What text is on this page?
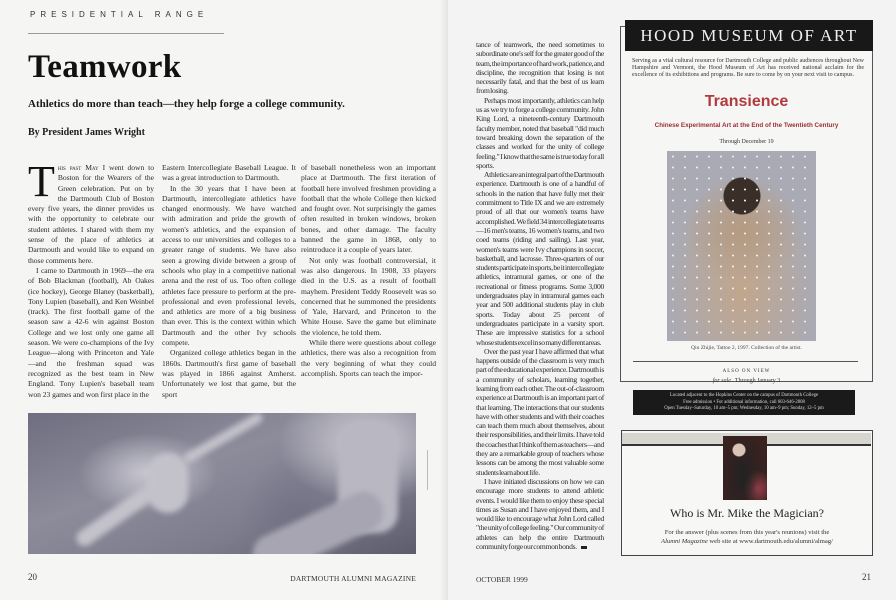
PRESIDENTIAL RANGE
Teamwork
Athletics do more than teach—they help forge a college community.
By President James Wright

This past May I went down to Boston for the Wearers of the Green celebration. Put on by the Dartmouth Club of Boston every five years, the dinner provides us with the opportunity to celebrate our student athletes. I shared with them my sense of the place of athletics at Dartmouth and would like to expand on those comments here.

I came to Dartmouth in 1969—the era of Bob Blackman (football), Ab Oakes (ice hockey), George Blaney (basketball), Tony Lupien (baseball), and Ken Weinbel (track). The first football game of the season saw a 42-6 win against Boston College and we lost only one game all season. We were co-champions of the Ivy League—along with Princeton and Yale—and the freshman squad was recognized as the best team in New England. Tony Lupien's baseball team won 23 games and won first place in the

Eastern Intercollegiate Baseball League. It was a great introduction to Dartmouth.

In the 30 years that I have been at Dartmouth, intercollegiate athletics have changed enormously. We have watched with admiration and pride the growth of women's athletics, and the expansion of access to our universities and colleges to a greater range of students. We have also seen a growing divide between a group of schools who play in a competitive national arena and the rest of us. Too often college athletes face pressure to perform at the pre-professional and even professional levels, and athletics are more of a big business than ever. This is the context within which Dartmouth and the other Ivy schools compete.

Organized college athletics began in the 1860s. Dartmouth's first game of baseball was played in 1866 against Amherst. Unfortunately we lost that game, but the sport

of baseball nonetheless won an important place at Dartmouth. The first iteration of football here involved freshmen providing a football that the whole College then kicked and fought over. Not surprisingly the games often resulted in broken windows, broken bones, and other damage. The faculty banned the game in 1868, only to reintroduce it a couple of years later.

Not only was football controversial, it was also dangerous. In 1908, 33 players died in the U.S. as a result of football mayhem. President Teddy Roosevelt was so concerned that he summoned the presidents of Yale, Harvard, and Princeton to the White House. Save the game but eliminate the violence, he told them.

While there were questions about college athletics, there was also a recognition from the very beginning of what they could accomplish. Sports can teach the impor-

20	DARTMOUTH ALUMNI MAGAZINE

tance of teamwork, the need sometimes to subordinate one's self for the greater good of the team, the importance of hard work, patience, and discipline, the recognition that losing is not necessarily fatal, and that the best of us learn from losing.

Perhaps most importantly, athletics can help us as we try to forge a college community. John King Lord, a nineteenth-century Dartmouth faculty member, noted that baseball "did much toward breaking down the separation of the classes and worked for the unity of college feeling." I know that the same is true today for all sports.

Athletics are an integral part of the Dartmouth experience. Dartmouth is one of a handful of schools in the nation that have fully met their commitment to Title IX and we are extremely proud of all that our women's teams have accomplished. We field 34 intercollegiate teams—16 men's teams, 16 women's teams, and two coed teams (riding and sailing). Last year, women's teams were Ivy champions in soccer, basketball, and lacrosse. Three-quarters of our students participate in sports, be it intercollegiate athletics, intramural games, or one of the recreational or fitness programs. Some 3,000 undergraduates play in intramural games each year and 500 additional students play in club sports. Today about 25 percent of undergraduates participate in a varsity sport. These are impressive statistics for a school whose students excel in so many different areas.

Over the past year I have affirmed that what happens outside of the classroom is very much part of the educational experience. Dartmouth is a community of scholars, learning together, learning from each other. The out-of-classroom experience at Dartmouth is an important part of that learning. The interactions that our students have with other students and with their coaches can teach them much about themselves, about their responsibilities, and their limits. I have told the coaches that I think of them as teachers—and they are a remarkable group of teachers whose lessons can be among the most valuable some students learn about life.

I have initiated discussions on how we can encourage more students to attend athletic events. I would like them to enjoy these special times as Susan and I have enjoyed them, and I would like to encourage what John Lord called "the unity of college feeling." Our community of athletes can help the entire Dartmouth community forge our common bonds.

OCTOBER 1999	21
HOOD MUSEUM OF ART
Serving as a vital cultural resource for Dartmouth College and public audiences throughout New Hampshire and Vermont, the Hood Museum of Art has received national acclaim for the excellence of its exhibitions and programs. Be sure to come by on your next visit to campus.
Transience
Chinese Experimental Art at the End of the Twentieth Century
Through December 19
Qiu Zhijie, Tattoo 2, 1997. Collection of the artist.
ALSO ON VIEW
for sale Through January 3
Located adjacent to the Hopkins Center on the campus of Dartmouth College
Free admission • For additional information, call 603-646-2808
Open Tuesday–Saturday, 10 am–5 pm; Wednesday, 10 am–9 pm; Sunday, 12–5 pm
Who is Mr. Mike the Magician?
For the answer (plus scenes from this year's reunions) visit the
Alumni Magazine web site at www.dartmouth.edu/alumni/almag/
